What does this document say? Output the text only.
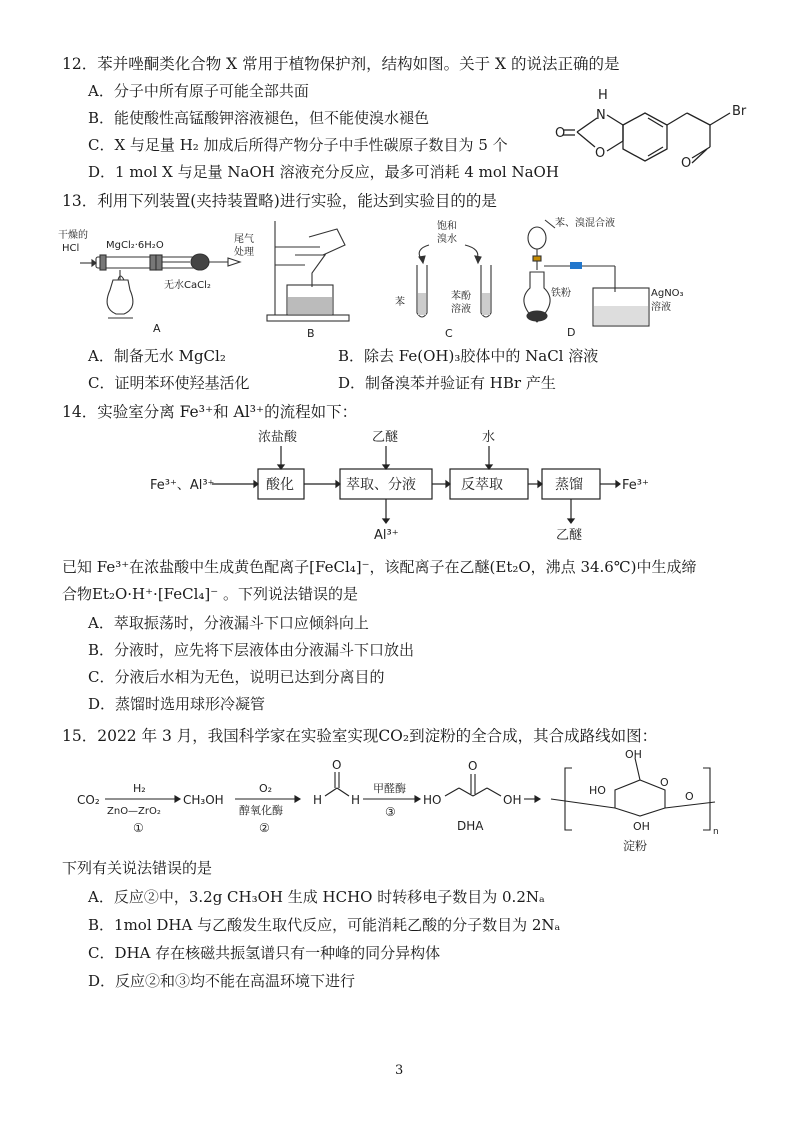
12．苯并唑酮类化合物 X 常用于植物保护剂，结构如图。关于 X 的说法正确的是
A．分子中所有原子可能全部共面
B．能使酸性高锰酸钾溶液褪色，但不能使溴水褪色
C．X 与足量 H₂ 加成后所得产物分子中手性碳原子数目为 5 个
D．1 mol X 与足量 NaOH 溶液充分反应，最多可消耗 4 mol NaOH
H
N
O
O
Br
O
13．利用下列装置(夹持装置略)进行实验，能达到实验目的的是
干燥的
HCl	MgCl₂·6H₂O
无水CaCl₂
尾气
处理
A	B
饱和
溴水
苯
苯酚
溶液
C
苯、溴混合液
铁粉	AgNO₃
溶液
D
A．制备无水 MgCl₂	B．除去 Fe(OH)₃胶体中的 NaCl 溶液
C．证明苯环使羟基活化	D．制备溴苯并验证有 HBr 产生
14．实验室分离 Fe³⁺和 Al³⁺的流程如下：
Fe³⁺、Al³⁺	酸化	萃取、分液	反萃取	蒸馏
浓盐酸	乙醚	水
Al³⁺	乙醚
Fe³⁺
已知 Fe³⁺在浓盐酸中生成黄色配离子[FeCl₄]⁻，该配离子在乙醚(Et₂O，沸点 34.6℃)中生成缔
合物Et₂O·H⁺·[FeCl₄]⁻ 。下列说法错误的是
A．萃取振荡时，分液漏斗下口应倾斜向上
B．分液时，应先将下层液体由分液漏斗下口放出
C．分液后水相为无色，说明已达到分离目的
D．蒸馏时选用球形冷凝管
15．2022 年 3 月，我国科学家在实验室实现CO₂到淀粉的全合成，其合成路线如图：
CO₂
H₂
ZnO—ZrO₂
①
CH₃OH
O₂
醇氧化酶
②
H H
O
甲醛酶
③
HO	OH
O
DHA
OH
HO
OH
O
O
n
淀粉
下列有关说法错误的是
A．反应②中，3.2g CH₃OH 生成 HCHO 时转移电子数目为 0.2Nₐ
B．1mol DHA 与乙酸发生取代反应，可能消耗乙酸的分子数目为 2Nₐ
C．DHA 存在核磁共振氢谱只有一种峰的同分异构体
D．反应②和③均不能在高温环境下进行
3
